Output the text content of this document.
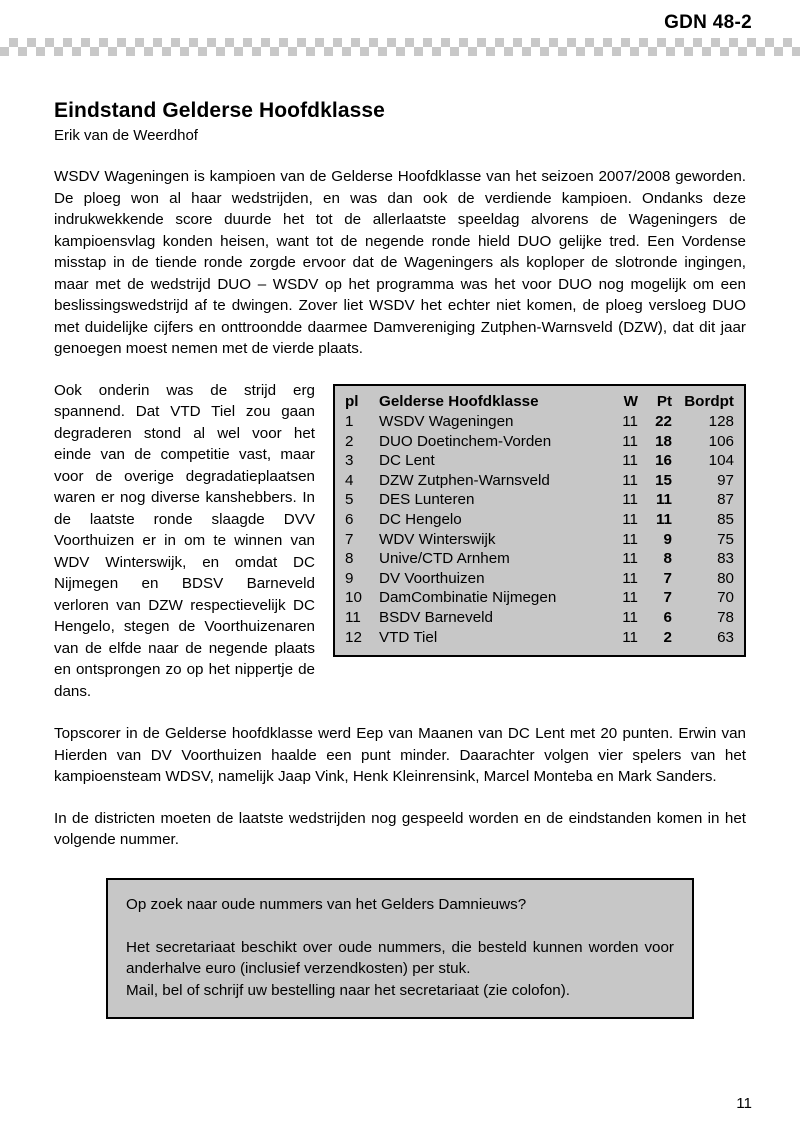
GDN 48-2
Eindstand Gelderse Hoofdklasse

Erik van de Weerdhof

WSDV Wageningen is kampioen van de Gelderse Hoofdklasse van het seizoen 2007/2008 geworden. De ploeg won al haar wedstrijden, en was dan ook de verdiende kampioen. Ondanks deze indrukwekkende score duurde het tot de allerlaatste speeldag alvorens de Wageningers de kampioensvlag konden heisen, want tot de negende ronde hield DUO gelijke tred. Een Vordense misstap in de tiende ronde zorgde ervoor dat de Wageningers als koploper de slotronde ingingen, maar met de wedstrijd DUO – WSDV op het programma was het voor DUO nog mogelijk om een beslissingswedstrijd af te dwingen. Zover liet WSDV het echter niet komen, de ploeg versloeg DUO met duidelijke cijfers en onttroondde daarmee Damvereniging Zutphen-Warnsveld (DZW), dat dit jaar genoegen moest nemen met de vierde plaats.

pl	Gelderse Hoofdklasse	W	Pt	Bordpt
1	WSDV Wageningen	11	22	128
2	DUO Doetinchem-Vorden	11	18	106
3	DC Lent	11	16	104
4	DZW Zutphen-Warnsveld	11	15	97
5	DES Lunteren	11	11	87
6	DC Hengelo	11	11	85
7	WDV Winterswijk	11	9	75
8	Unive/CTD Arnhem	11	8	83
9	DV Voorthuizen	11	7	80
10	DamCombinatie Nijmegen	11	7	70
11	BSDV Barneveld	11	6	78
12	VTD Tiel	11	2	63

Ook onderin was de strijd erg spannend. Dat VTD Tiel zou gaan degraderen stond al wel voor het einde van de competitie vast, maar voor de overige degradatieplaatsen waren er nog diverse kanshebbers. In de laatste ronde slaagde DVV Voorthuizen er in om te winnen van WDV Winterswijk, en omdat DC Nijmegen en BDSV Barneveld verloren van DZW respectievelijk DC Hengelo, stegen de Voorthuizenaren van de elfde naar de negende plaats en ontsprongen zo op het nippertje de dans.

Topscorer in de Gelderse hoofdklasse werd Eep van Maanen van DC Lent met 20 punten. Erwin van Hierden van DV Voorthuizen haalde een punt minder. Daarachter volgen vier spelers van het kampioensteam WDSV, namelijk Jaap Vink, Henk Kleinrensink, Marcel Monteba en Mark Sanders.

In de districten moeten de laatste wedstrijden nog gespeeld worden en de eindstanden komen in het volgende nummer.

Op zoek naar oude nummers van het Gelders Damnieuws?

Het secretariaat beschikt over oude nummers, die besteld kunnen worden voor anderhalve euro (inclusief verzendkosten) per stuk.

Mail, bel of schrijf uw bestelling naar het secretariaat (zie colofon).

11
